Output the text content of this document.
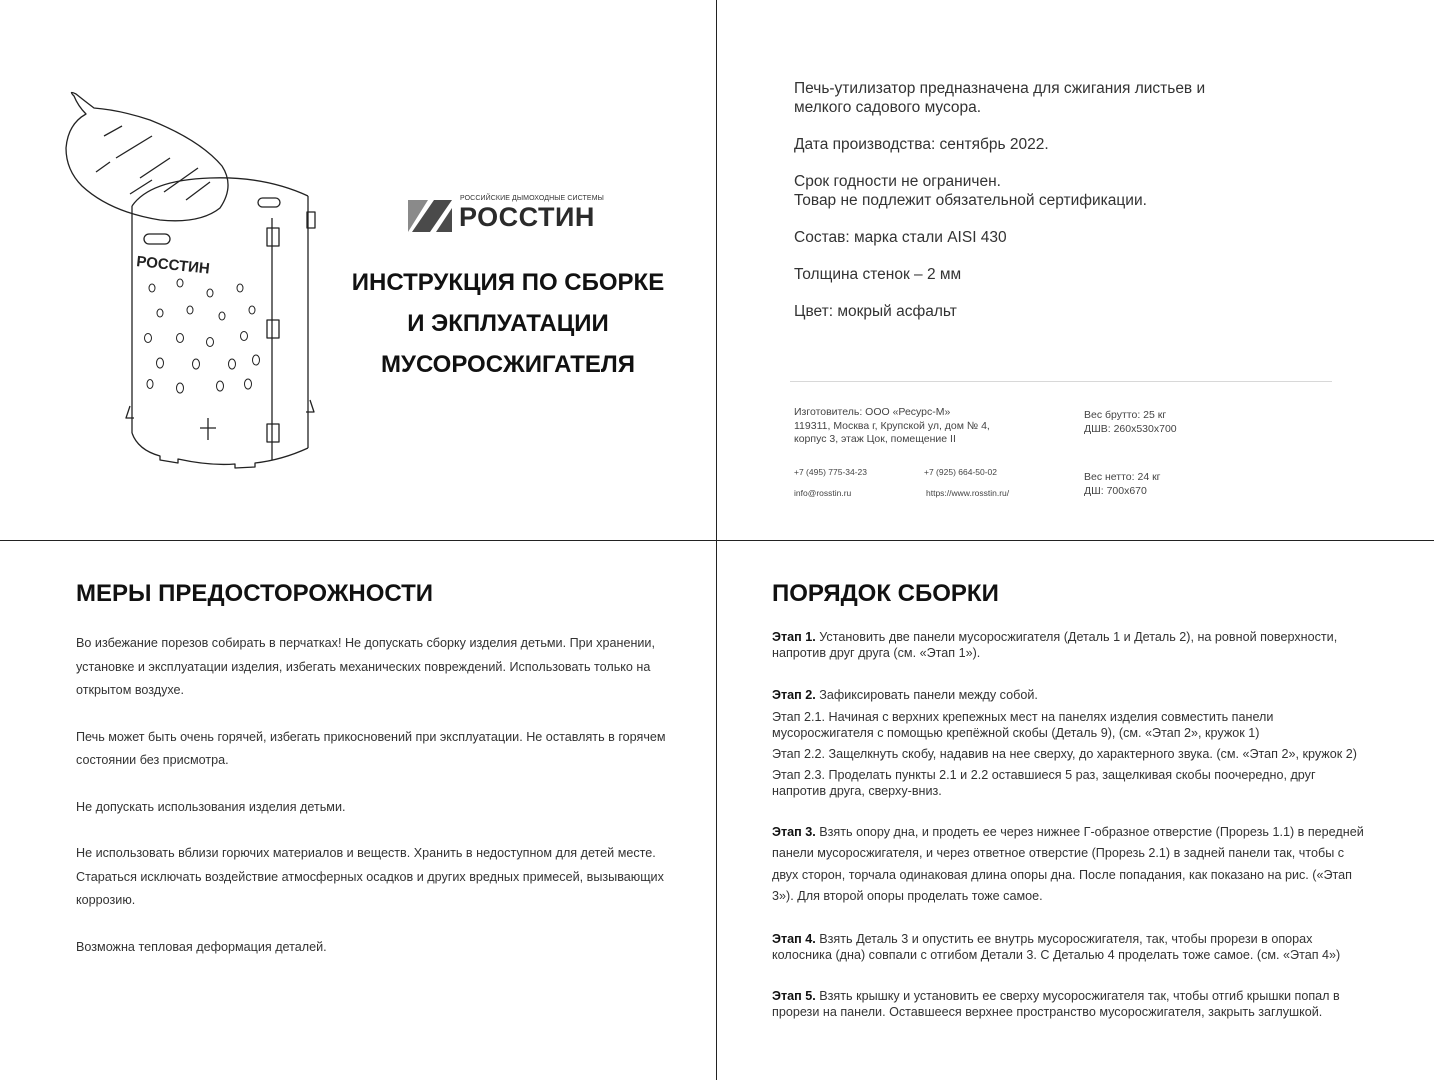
РОССТИН
РОССИЙСКИЕ ДЫМОХОДНЫЕ СИСТЕМЫ
РОССТИН
ИНСТРУКЦИЯ ПО СБОРКЕ
И ЭКПЛУАТАЦИИ
МУСОРОСЖИГАТЕЛЯ

Печь-утилизатор предназначена для сжигания листьев и

мелкого садового мусора.

Дата производства: сентябрь 2022.

Срок годности не ограничен.

Товар не подлежит обязательной сертификации.

Состав: марка стали AISI 430

Толщина стенок – 2 мм

Цвет: мокрый асфальт

Изготовитель: ООО «Ресурс-М»
119311, Москва г, Крупской ул, дом № 4,
корпус 3, этаж Цок, помещение II
Вес брутто: 25 кг
ДШВ: 260х530х700
Вес нетто: 24 кг
ДШ: 700х670
+7 (495) 775-34-23	+7 (925) 664-50-02
info@rosstin.ru	https://www.rosstin.ru/
МЕРЫ ПРЕДОСТОРОЖНОСТИ

Во избежание порезов собирать в перчатках! Не допускать сборку изделия детьми. При хранении, установке и эксплуатации изделия, избегать механических повреждений. Использовать только на открытом воздухе.

Печь может быть очень горячей, избегать прикосновений при эксплуатации. Не оставлять в горячем состоянии без присмотра.

Не допускать использования изделия детьми.

Не использовать вблизи горючих материалов и веществ. Хранить в недоступном для детей месте. Стараться исключать воздействие атмосферных осадков и других вредных примесей, вызывающих коррозию.

Возможна тепловая деформация деталей.

ПОРЯДОК СБОРКИ
Этап 1. Установить две панели мусоросжигателя (Деталь 1 и Деталь 2), на ровной поверхности, напротив друг друга (см. «Этап 1»).
Этап 2. Зафиксировать панели между собой.
Этап 2.1. Начиная с верхних крепежных мест на панелях изделия совместить панели мусоросжигателя с помощью крепёжной скобы (Деталь 9), (см. «Этап 2», кружок 1)
Этап 2.2. Защелкнуть скобу, надавив на нее сверху, до характерного звука. (см. «Этап 2», кружок 2)
Этап 2.3. Проделать пункты 2.1 и 2.2 оставшиеся 5 раз, защелкивая скобы поочередно, друг напротив друга, сверху-вниз.
Этап 3. Взять опору дна, и продеть ее через нижнее Г-образное отверстие (Прорезь 1.1) в передней панели мусоросжигателя, и через ответное отверстие (Прорезь 2.1) в задней панели так, чтобы с двух сторон, торчала одинаковая длина опоры дна. После попадания, как показано на рис. («Этап 3»). Для второй опоры проделать тоже самое.
Этап 4. Взять Деталь 3 и опустить ее внутрь мусоросжигателя, так, чтобы прорези в опорах колосника (дна) совпали с отгибом Детали 3. С Деталью 4 проделать тоже самое. (см. «Этап 4»)
Этап 5. Взять крышку и установить ее сверху мусоросжигателя так, чтобы отгиб крышки попал в прорези на панели. Оставшееся верхнее пространство мусоросжигателя, закрыть заглушкой.
